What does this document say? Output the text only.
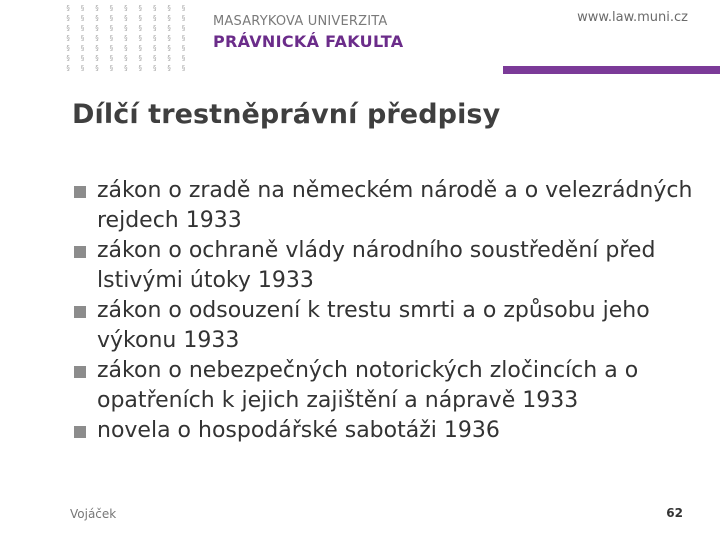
§ § § § § § § § §
§ § § § § § § § §
§ § § § § § § § §
§ § § § § § § § §
§ § § § § § § § §
§ § § § § § § § §
§ § § § § § § § §
MASARYKOVA UNIVERZITA
PRÁVNICKÁ FAKULTA
www.law.muni.cz
Dílčí trestněprávní předpisy
zákon o zradě na německém národě a o velezrádných rejdech 1933
zákon o ochraně vlády národního soustředění před lstivými útoky 1933
zákon o odsouzení k trestu smrti a o způsobu jeho výkonu 1933
zákon o nebezpečných notorických zločincích a o opatřeních k jejich zajištění a nápravě 1933
novela o hospodářské sabotáži 1936
Vojáček	62
